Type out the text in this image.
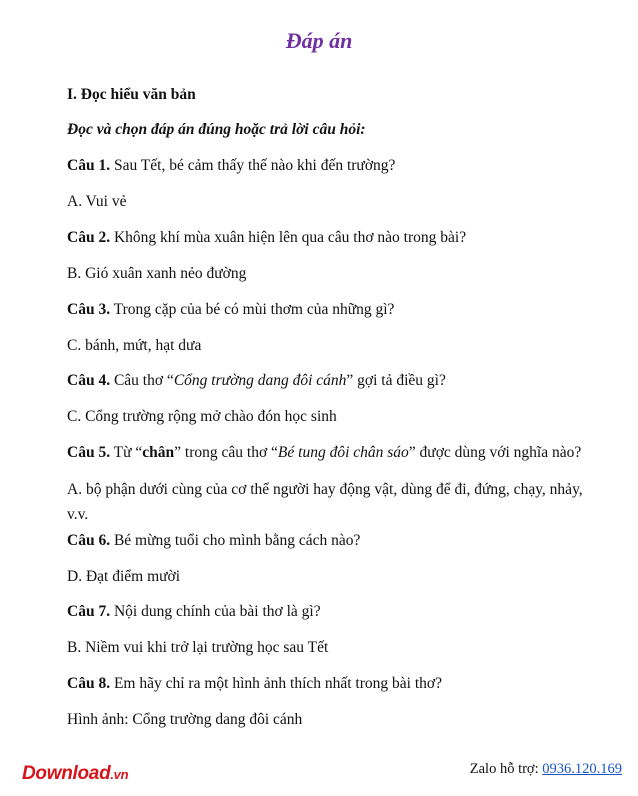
Đáp án
I. Đọc hiểu văn bản
Đọc và chọn đáp án đúng hoặc trả lời câu hỏi:
Câu 1. Sau Tết, bé cảm thấy thế nào khi đến trường?
A. Vui vẻ
Câu 2. Không khí mùa xuân hiện lên qua câu thơ nào trong bài?
B. Gió xuân xanh nẻo đường
Câu 3. Trong cặp của bé có mùi thơm của những gì?
C. bánh, mứt, hạt dưa
Câu 4. Câu thơ “Cổng trường dang đôi cánh” gợi tả điều gì?
C. Cổng trường rộng mở chào đón học sinh
Câu 5. Từ “chân” trong câu thơ “Bé tung đôi chân sáo” được dùng với nghĩa nào?
A. bộ phận dưới cùng của cơ thể người hay động vật, dùng để đi, đứng, chạy, nhảy, v.v.
Câu 6. Bé mừng tuổi cho mình bằng cách nào?
D. Đạt điểm mười
Câu 7. Nội dung chính của bài thơ là gì?
B. Niềm vui khi trở lại trường học sau Tết
Câu 8. Em hãy chỉ ra một hình ảnh thích nhất trong bài thơ?
Hình ảnh: Cổng trường dang đôi cánh
Download.vn	Zalo hỗ trợ: 0936.120.169
